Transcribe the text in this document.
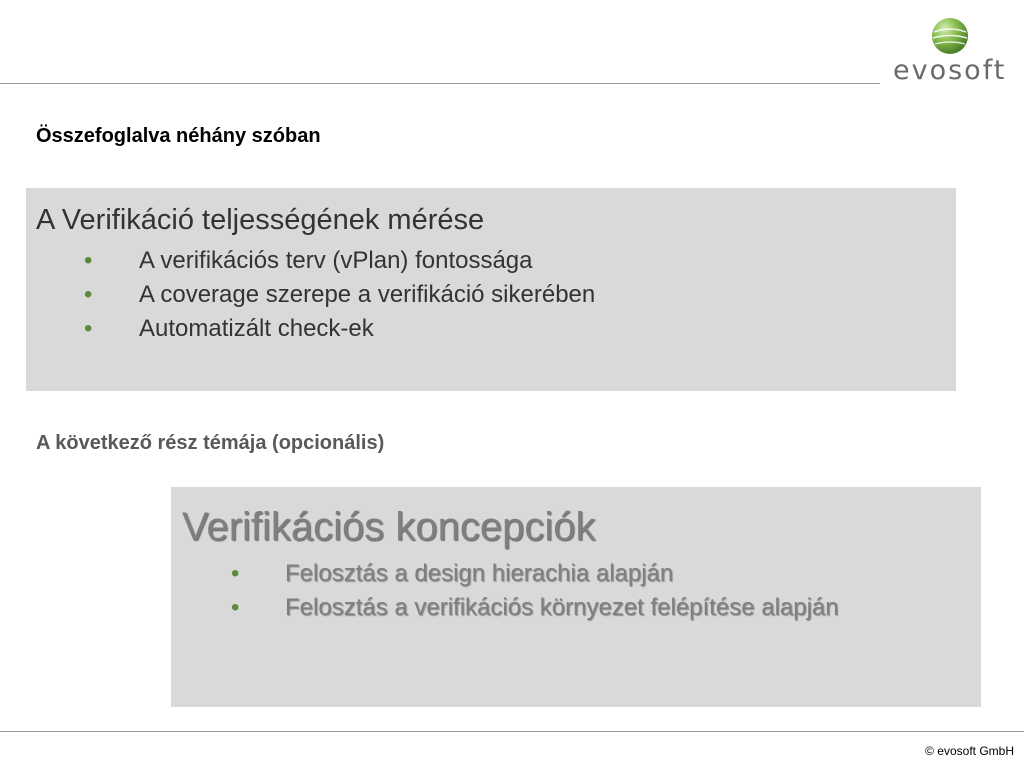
evosoft
Összefoglalva néhány szóban
A Verifikáció teljességének mérése
• A verifikációs terv (vPlan) fontossága
• A coverage szerepe a verifikáció sikerében
• Automatizált check-ek
A következő rész témája (opcionális)
Verifikációs koncepciók
• Felosztás a design hierachia alapján
• Felosztás a verifikációs környezet felépítése alapján
© evosoft GmbH
